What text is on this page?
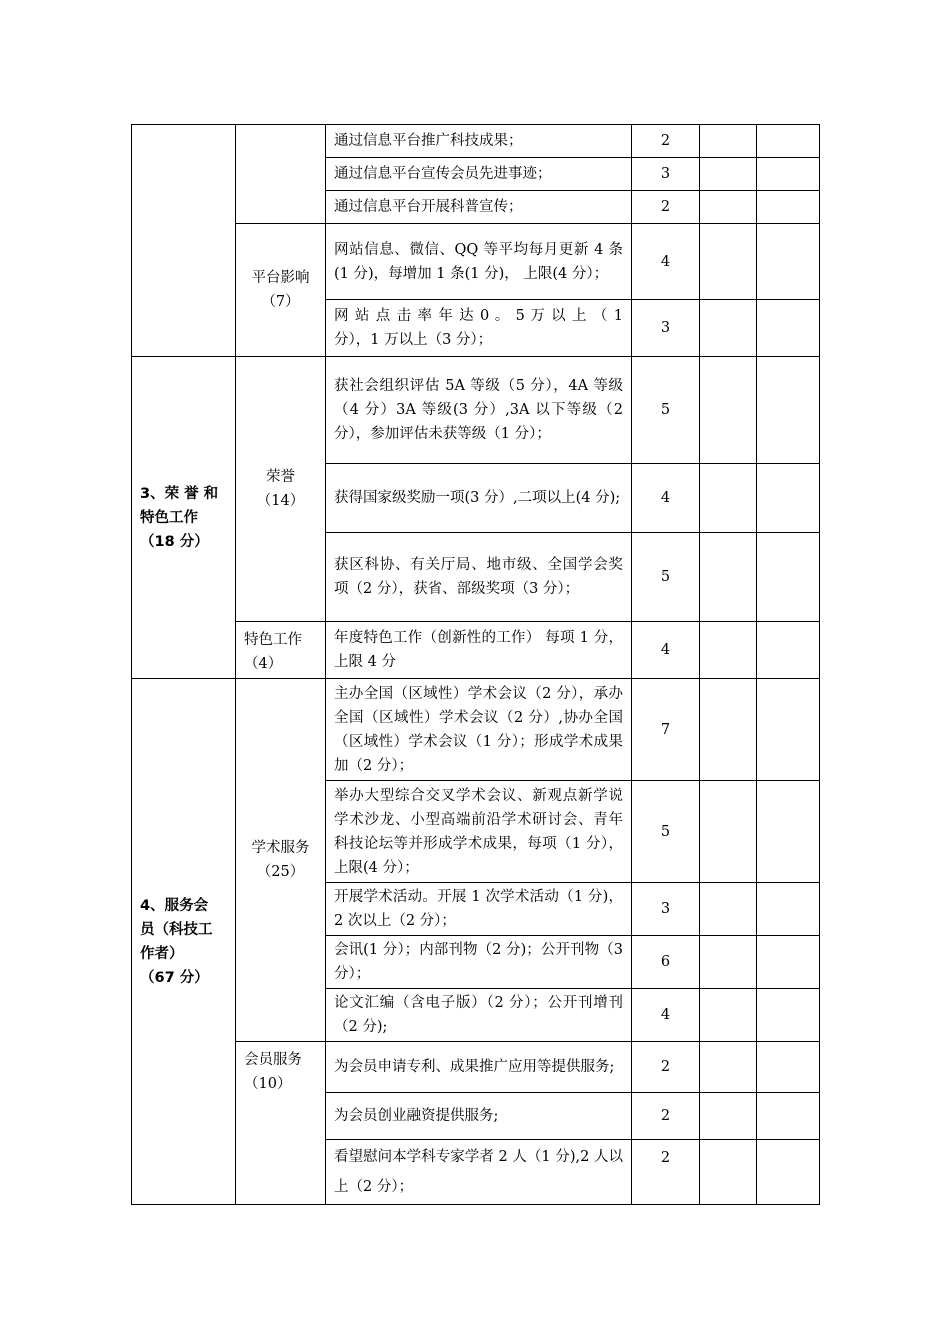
		通过信息平台推广科技成果；	2		
		通过信息平台宣传会员先进事迹；	3		
		通过信息平台开展科普宣传；	2		

	平台影响
（7）	网站信息、微信、QQ 等平均每月更新 4 条(1 分)，每增加 1 条(1 分)， 上限(4 分）；	4		
		网 站 点 击 率 年 达 0 。 5 万 以 上 （ 1 分），1 万以上（3 分）；	3		

3、荣 誉 和
特色工作
（18 分）	荣誉
（14）	获社会组织评估 5A 等级（5 分），4A 等级（4 分）3A 等级(3 分）,3A 以下等级（2 分），参加评估未获等级（1 分）；	5		
		获得国家级奖励一项(3 分）,二项以上(4 分);	4		
		获区科协、有关厅局、地市级、全国学会奖项（2 分），获省、部级奖项（3 分）；	5		

	特色工作
（4）	年度特色工作（创新性的工作） 每项 1 分，上限 4 分	4		

4、服务会
员（科技工
作者）
（67 分）	学术服务
（25）	主办全国（区域性）学术会议（2 分），承办全国（区域性）学术会议（2 分）,协办全国（区域性）学术会议（1 分）；形成学术成果加（2 分）；	7		
		举办大型综合交叉学术会议、新观点新学说学术沙龙、小型高端前沿学术研讨会、青年科技论坛等并形成学术成果，每项（1 分），上限(4 分）；	5		
		开展学术活动。开展 1 次学术活动（1 分)，2 次以上（2 分）；	3		
		会讯(1 分）；内部刊物（2 分)；公开刊物（3 分）；	6		
		论文汇编（含电子版）（2 分）；公开刊增刊（2 分);	4		

	会员服务
（10）	为会员申请专利、成果推广应用等提供服务;	2		
		为会员创业融资提供服务;	2		
		看望慰问本学科专家学者 2 人（1 分),2 人以上（2 分）；	2		
